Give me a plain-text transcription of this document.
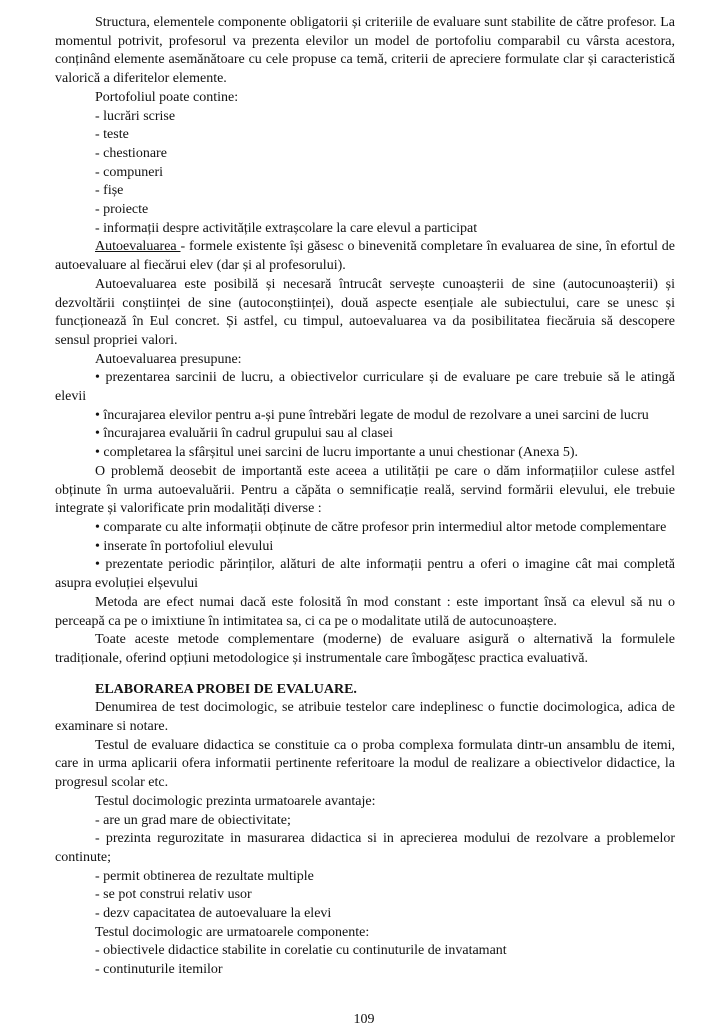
Structura, elementele componente obligatorii și criteriile de evaluare sunt stabilite de către profesor. La momentul potrivit, profesorul va prezenta elevilor un model de portofoliu comparabil cu vârsta acestora, conținând elemente asemănătoare cu cele propuse ca temă, criterii de apreciere formulate clar și caracteristică valorică a diferitelor elemente.

Portofoliul poate contine:

- lucrări scrise

- teste

- chestionare

- compuneri

- fișe

- proiecte

- informații despre activitățile extrașcolare la care elevul a participat

Autoevaluarea - formele existente își găsesc o binevenită completare în evaluarea de sine, în efortul de autoevaluare al fiecărui elev (dar și al profesorului).

Autoevaluarea este posibilă și necesară întrucât servește cunoașterii de sine (autocunoașterii) și dezvoltării conștiinței de sine (autoconștiinței), două aspecte esențiale ale subiectului, care se unesc și funcționează în Eul concret. Și astfel, cu timpul, autoevaluarea va da posibilitatea fiecăruia să descopere sensul propriei valori.

Autoevaluarea presupune:

• prezentarea sarcinii de lucru, a obiectivelor curriculare și de evaluare pe care trebuie să le atingă elevii

• încurajarea elevilor pentru a-și pune întrebări legate de modul de rezolvare a unei sarcini de lucru

• încurajarea evaluării în cadrul grupului sau al clasei

• completarea la sfârșitul unei sarcini de lucru importante a unui chestionar (Anexa 5).

O problemă deosebit de importantă este aceea a utilității pe care o dăm informațiilor culese astfel obținute în urma autoevaluării. Pentru a căpăta o semnificație reală, servind formării elevului, ele trebuie integrate și valorificate prin modalități diverse :

• comparate cu alte informații obținute de către profesor prin intermediul altor metode complementare

• inserate în portofoliul elevului

• prezentate periodic părinților, alături de alte informații pentru a oferi o imagine cât mai completă asupra evoluției elșevului

Metoda are efect numai dacă este folosită în mod constant : este important însă ca elevul să nu o perceapă ca pe o imixtiune în intimitatea sa, ci ca pe o modalitate utilă de autocunoaștere.

Toate aceste metode complementare (moderne) de evaluare asigură o alternativă la formulele tradiționale, oferind opțiuni metodologice și instrumentale care îmbogățesc practica evaluativă.

ELABORAREA PROBEI DE EVALUARE.

Denumirea de test docimologic, se atribuie testelor care indeplinesc o functie docimologica, adica de examinare si notare.

Testul de evaluare didactica se constituie ca o proba complexa formulata dintr-un ansamblu de itemi, care in urma aplicarii ofera informatii pertinente referitoare la modul de realizare a obiectivelor didactice, la progresul scolar etc.

Testul docimologic prezinta urmatoarele avantaje:

- are un grad mare de obiectivitate;

- prezinta regurozitate in masurarea didactica si in aprecierea modului de rezolvare a problemelor continute;

- permit obtinerea de rezultate multiple

- se pot construi relativ usor

- dezv capacitatea de autoevaluare la elevi

Testul docimologic are urmatoarele componente:

- obiectivele didactice stabilite in corelatie cu continuturile de invatamant

- continuturile itemilor

109
